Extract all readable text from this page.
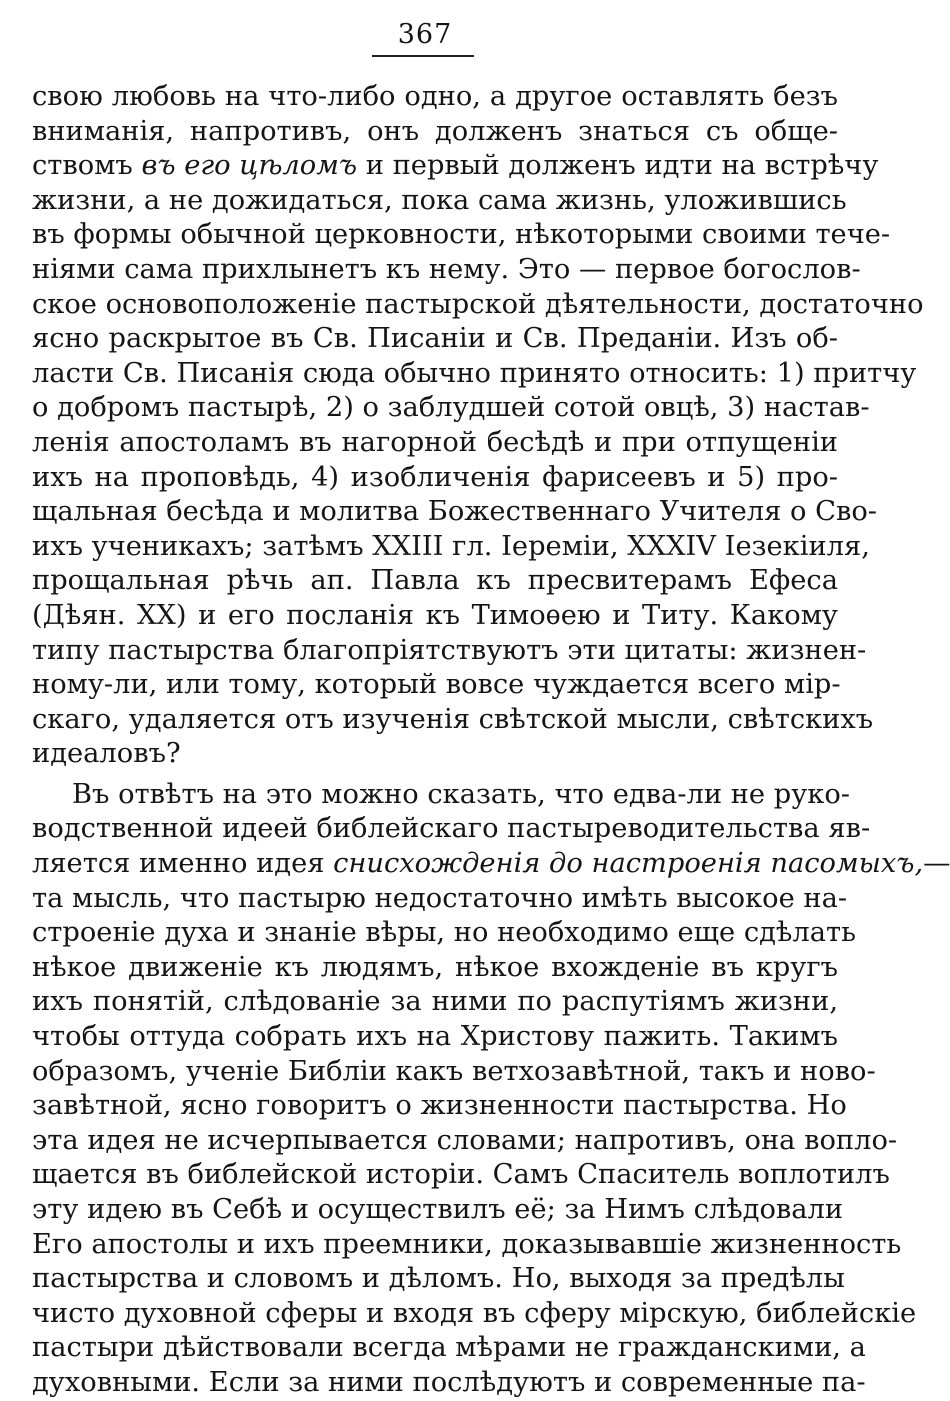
367
свою любовь на что-либо одно, а другое оставлять безъ
вниманія, напротивъ, онъ долженъ знаться съ обще-
ствомъ въ его цѣломъ и первый долженъ идти на встрѣчу
жизни, а не дожидаться, пока сама жизнь, уложившись
въ формы обычной церковности, нѣкоторыми своими тече-
ніями сама прихлынетъ къ нему. Это — первое богослов-
ское основоположеніе пастырской дѣятельности, достаточно
ясно раскрытое въ Св. Писаніи и Св. Преданіи. Изъ об-
ласти Св. Писанія сюда обычно принято относить: 1) притчу
о добромъ пастырѣ, 2) о заблудшей сотой овцѣ, 3) настав-
ленія апостоламъ въ нагорной бесѣдѣ и при отпущеніи
ихъ на проповѣдь, 4) изобличенія фарисеевъ и 5) про-
щальная бесѣда и молитва Божественнаго Учителя о Сво-
ихъ ученикахъ; затѣмъ XXIII гл. Іереміи, XXXIV Іезекіиля,
прощальная рѣчь ап. Павла къ пресвитерамъ Ефеса
(Дѣян. XX) и его посланія къ Тимоѳею и Титу. Какому
типу пастырства благопріятствуютъ эти цитаты: жизнен-
ному-ли, или тому, который вовсе чуждается всего мір-
скаго, удаляется отъ изученія свѣтской мысли, свѣтскихъ
идеаловъ?
Въ отвѣтъ на это можно сказать, что едва-ли не руко-
водственной идеей библейскаго пастыреводительства яв-
ляется именно идея снисхожденія до настроенія пасомыхъ,—
та мысль, что пастырю недостаточно имѣть высокое на-
строеніе духа и знаніе вѣры, но необходимо еще сдѣлать
нѣкое движеніе къ людямъ, нѣкое вхожденіе въ кругъ
ихъ понятій, слѣдованіе за ними по распутіямъ жизни,
чтобы оттуда собрать ихъ на Христову пажить. Такимъ
образомъ, ученіе Библіи какъ ветхозавѣтной, такъ и ново-
завѣтной, ясно говоритъ о жизненности пастырства. Но
эта идея не исчерпывается словами; напротивъ, она вопло-
щается въ библейской исторіи. Самъ Спаситель воплотилъ
эту идею въ Себѣ и осуществилъ её; за Нимъ слѣдовали
Его апостолы и ихъ преемники, доказывавшіе жизненность
пастырства и словомъ и дѣломъ. Но, выходя за предѣлы
чисто духовной сферы и входя въ сферу мірскую, библейскіе
пастыри дѣйствовали всегда мѣрами не гражданскими, а
духовными. Если за ними послѣдуютъ и современные па-
